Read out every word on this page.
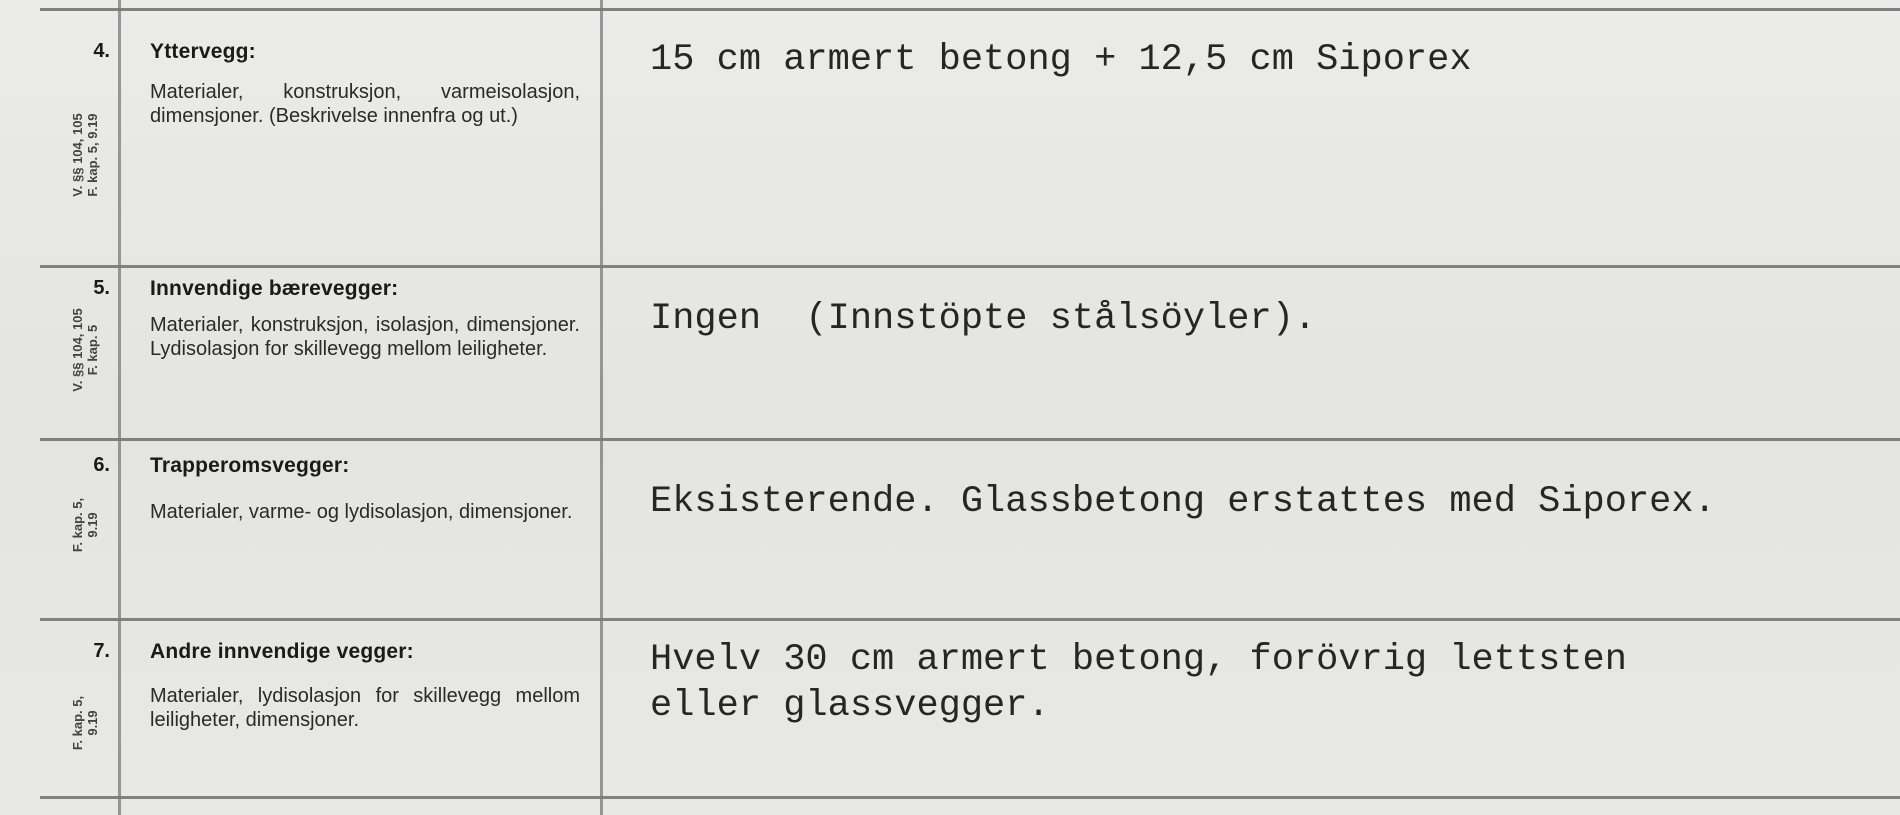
4.
V. §§ 104, 105 F. kap. 5, 9.19
Yttervegg:
Materialer, konstruksjon, varmeisolasjon, dimensjoner. (Beskrivelse innenfra og ut.)
15 cm armert betong + 12,5 cm Siporex
5.
V. §§ 104, 105 F. kap. 5
Innvendige bærevegger:
Materialer, konstruksjon, isolasjon, dimensjoner. Lydisolasjon for skillevegg mellom leiligheter.
Ingen  (Innstöpte stålsöyler).
6.
F. kap. 5, 9.19
Trapperomsvegger:
Materialer, varme- og lydisolasjon, dimensjoner. Eksisterende. Glassbetong erstattes med Siporex.
7.
F. kap. 5, 9.19
Andre innvendige vegger:
Materialer, lydisolasjon for skillevegg mellom leiligheter, dimensjoner.
Hvelv 30 cm armert betong, forövrig lettsten
eller glassvegger.
